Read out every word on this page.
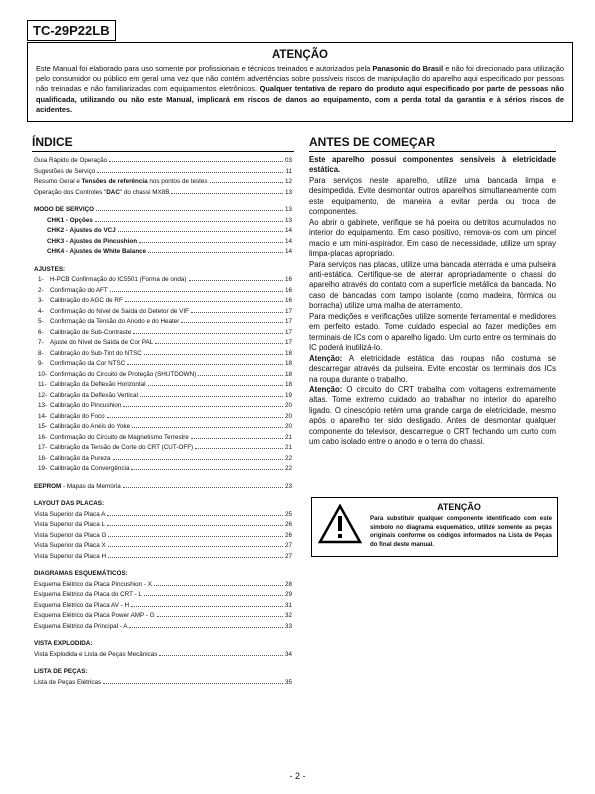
TC-29P22LB
ATENÇÃO
Este Manual foi elaborado para uso somente por profissionais e técnicos treinados e autorizados pela Panasonic do Brasil e não foi direcionado para utilização pelo consumidor ou público em geral uma vez que não contém advertências sobre possíveis riscos de manipulação do aparelho aqui especificado por pessoas não treinadas e não familiarizadas com equipamentos eletrônicos. Qualquer tentativa de reparo do produto aqui especificado por parte de pessoas não qualificada, utilizando ou não este Manual, implicará em riscos de danos ao equipamento, com a perda total da garantia e à sérios riscos de acidentes.
ÍNDICE	ANTES DE COMEÇAR
Guia Rápido de Operação	03
Sugestões de Serviço	11
Resumo Geral e Tensões de referência nos pontos de testes	12
Operação dos Controles "DAC" do chassi MX8B	13
MODO DE SERVIÇO	13
CHK1 - Opções	13
CHK2 - Ajustes do VCJ	14
CHK3 - Ajustes de Pincushion	14
CHK4 - Ajustes de White Balance	14
AJUSTES:
1- H-PCB Confirmação do IC5501 (Forma de onda)	16
2- Confirmação do AFT	16
3- Calibração do AGC de RF	16
4- Confirmação do Nível de Saída do Detetor de VIF	17
5- Confirmação da Tensão do Anodo e do Heater	17
6- Calibração de Sub-Contraste	17
7- Ajuste do Nível de Saída de Cor PAL	17
8- Calibração do Sub-Tint do NTSC	18
9- Confirmação da Cor NTSC	18
10- Confirmação do Circuito de Proteção (SHUTDOWN)	18
11- Calibração da Deflexão Horizontal	18
12- Calibração da Deflexão Vertical	19
13- Calibração do Pincushion	20
14- Calibração do Foco	20
15- Calibração do Anéis do Yoke	20
16- Confirmação do Circuito de Magnetismo Terrestre	21
17- Calibração da Tensão de Corte do CRT (CUT-OFF)	21
18- Calibração da Pureza	22
19- Calibração da Convergência	22
EEPROM - Mapas da Memória	23
LAYOUT DAS PLACAS:
Vista Superior da Placa A	25
Vista Superior da Placa L	26
Vista Superior da Placa G	26
Vista Superior da Placa X	27
Vista Superior da Placa H	27
DIAGRAMAS ESQUEMÁTICOS:
Esquema Elétrico da Placa Pincushion - X	28
Esquema Elétrico da Placa do CRT - L	29
Esquema Elétrico da Placa AV - H	31
Esquema Elétrico da Placa Power AMP - G	32
Esquema Elétrico da Principal - A	33
VISTA EXPLODIDA:
Vista Explodida e Lista de Peças Mecânicas	34
LISTA DE PEÇAS:
Lista de Peças Elétricas	35

Este aparelho possui componentes sensíveis à eletricidade estática.

Para serviços neste aparelho, utilize uma bancada limpa e desimpedida. Evite desmontar outros aparelhos simultaneamente com este equipamento, de maneira a evitar perda ou troca de componentes.

Ao abrir o gabinete, verifique se há poeira ou detritos acumulados no interior do equipamento. Em caso positivo, remova-os com um pincel macio e um mini-aspirador. Em caso de necessidade, utilize um spray limpa-placas apropriado.

Para serviços nas placas, utilize uma bancada aterrada e uma pulseira anti-estática. Certifique-se de aterrar apropriadamente o chassi do aparelho através do contato com a superfície metálica da bancada. No caso de bancadas com tampo isolante (como madeira, fórmica ou borracha) utilize uma malha de aterramento.

Para medições e verificações utilize somente ferramental e medidores em perfeito estado. Tome cuidado especial ao fazer medições em terminais de ICs com o aparelho ligado. Um curto entre os terminais do IC poderá inutilizá-lo.

Atenção: A eletricidade estática das roupas não costuma se descarregar através da pulseira. Evite encostar os terminais dos ICs na roupa durante o trabalho.

Atenção: O circuito do CRT trabalha com voltagens extremamente altas. Tome extremo cuidado ao trabalhar no interior do aparelho ligado. O cinescópio retém uma grande carga de eletricidade, mesmo após o aparelho ter sido desligado. Antes de desmontar qualquer componente do televisor, descarregue o CRT fechando um curto com um cabo isolado entre o anodo e o terra do chassi.

ATENÇÃO
Para substituir qualquer componente identificado com este símbolo no diagrama esquemático, utilize somente as peças originais conforme os códigos informados na Lista de Peças do final deste manual.
- 2 -
